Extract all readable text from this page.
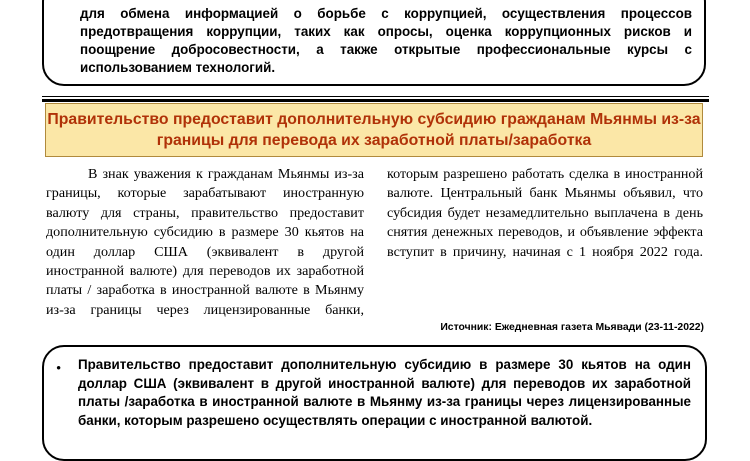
для обмена информацией о борьбе с коррупцией, осуществления процессов предотвращения коррупции, таких как опросы, оценка коррупционных рисков и поощрение добросовестности, а также открытые профессиональные курсы с использованием технологий.

Правительство предоставит дополнительную субсидию гражданам Мьянмы из-за границы для перевода их заработной платы/заработка

В знак уважения к гражданам Мьянмы из-за границы, которые зарабатывают иностранную валюту для страны, правительство предоставит дополнительную субсидию в размере 30 кьятов на один доллар США (эквивалент в другой иностранной валюте) для переводов их заработной платы / заработка в иностранной валюте в Мьянму из-за границы через лицензированные банки,

которым разрешено работать сделка в иностранной валюте. Центральный банк Мьянмы объявил, что субсидия будет незамедлительно выплачена в день снятия денежных переводов, и объявление эффекта вступит в причину, начиная с 1 ноября 2022 года.

Источник: Ежедневная газета Мьявади (23-11-2022)

• Правительство предоставит дополнительную субсидию в размере 30 кьятов на один доллар США (эквивалент в другой иностранной валюте) для переводов их заработной платы /заработка в иностранной валюте в Мьянму из-за границы через лицензированные банки, которым разрешено осуществлять операции с иностранной валютой.
